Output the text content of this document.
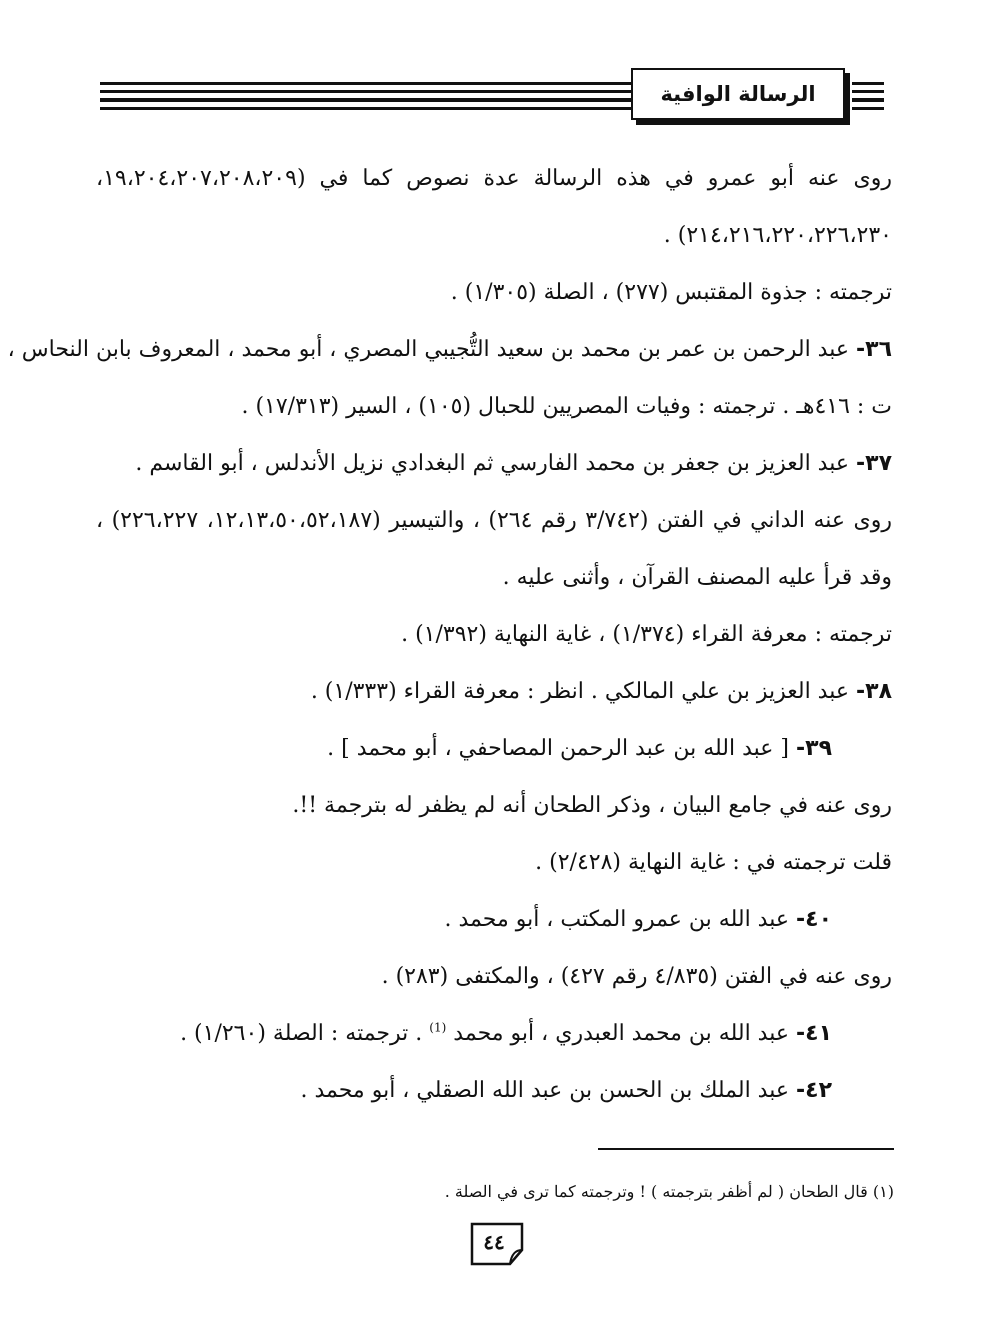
الرسالة الوافية
روى عنه أبو عمرو في هذه الرسالة عدة نصوص كما في (١٩،٢٠٤،٢٠٧،٢٠٨،٢٠٩،
٢١٤،٢١٦،٢٢٠،٢٢٦،٢٣٠) .
ترجمته : جذوة المقتبس (٢٧٧) ، الصلة (١/٣٠٥) .
٣٦- عبد الرحمن بن عمر بن محمد بن سعيد التُّجيبي المصري ، أبو محمد ، المعروف بابن النحاس ،
ت : ٤١٦هـ . ترجمته : وفيات المصريين للحبال (١٠٥) ، السير (١٧/٣١٣) .
٣٧- عبد العزيز بن جعفر بن محمد الفارسي ثم البغدادي نزيل الأندلس ، أبو القاسم .
روى عنه الداني في الفتن (٣/٧٤٢ رقم ٢٦٤) ، والتيسير (١٢،١٣،٥٠،٥٢،١٨٧، ٢٢٦،٢٢٧) ،
وقد قرأ عليه المصنف القرآن ، وأثنى عليه .
ترجمته : معرفة القراء (١/٣٧٤) ، غاية النهاية (١/٣٩٢) .
٣٨- عبد العزيز بن علي المالكي . انظر : معرفة القراء (١/٣٣٣) .
٣٩- [ عبد الله بن عبد الرحمن المصاحفي ، أبو محمد ] .
روى عنه في جامع البيان ، وذكر الطحان أنه لم يظفر له بترجمة !!.
قلت ترجمته في : غاية النهاية (٢/٤٢٨) .
٤٠- عبد الله بن عمرو المكتب ، أبو محمد .
روى عنه في الفتن (٤/٨٣٥ رقم ٤٢٧) ، والمكتفى (٢٨٣) .
٤١- عبد الله بن محمد العبدري ، أبو محمد $^{(1)}$ . ترجمته : الصلة (١/٢٦٠) .
٤٢- عبد الملك بن الحسن بن عبد الله الصقلي ، أبو محمد .
(١) قال الطحان ( لم أظفر بترجمته ) ! وترجمته كما ترى في الصلة .
٤٤
